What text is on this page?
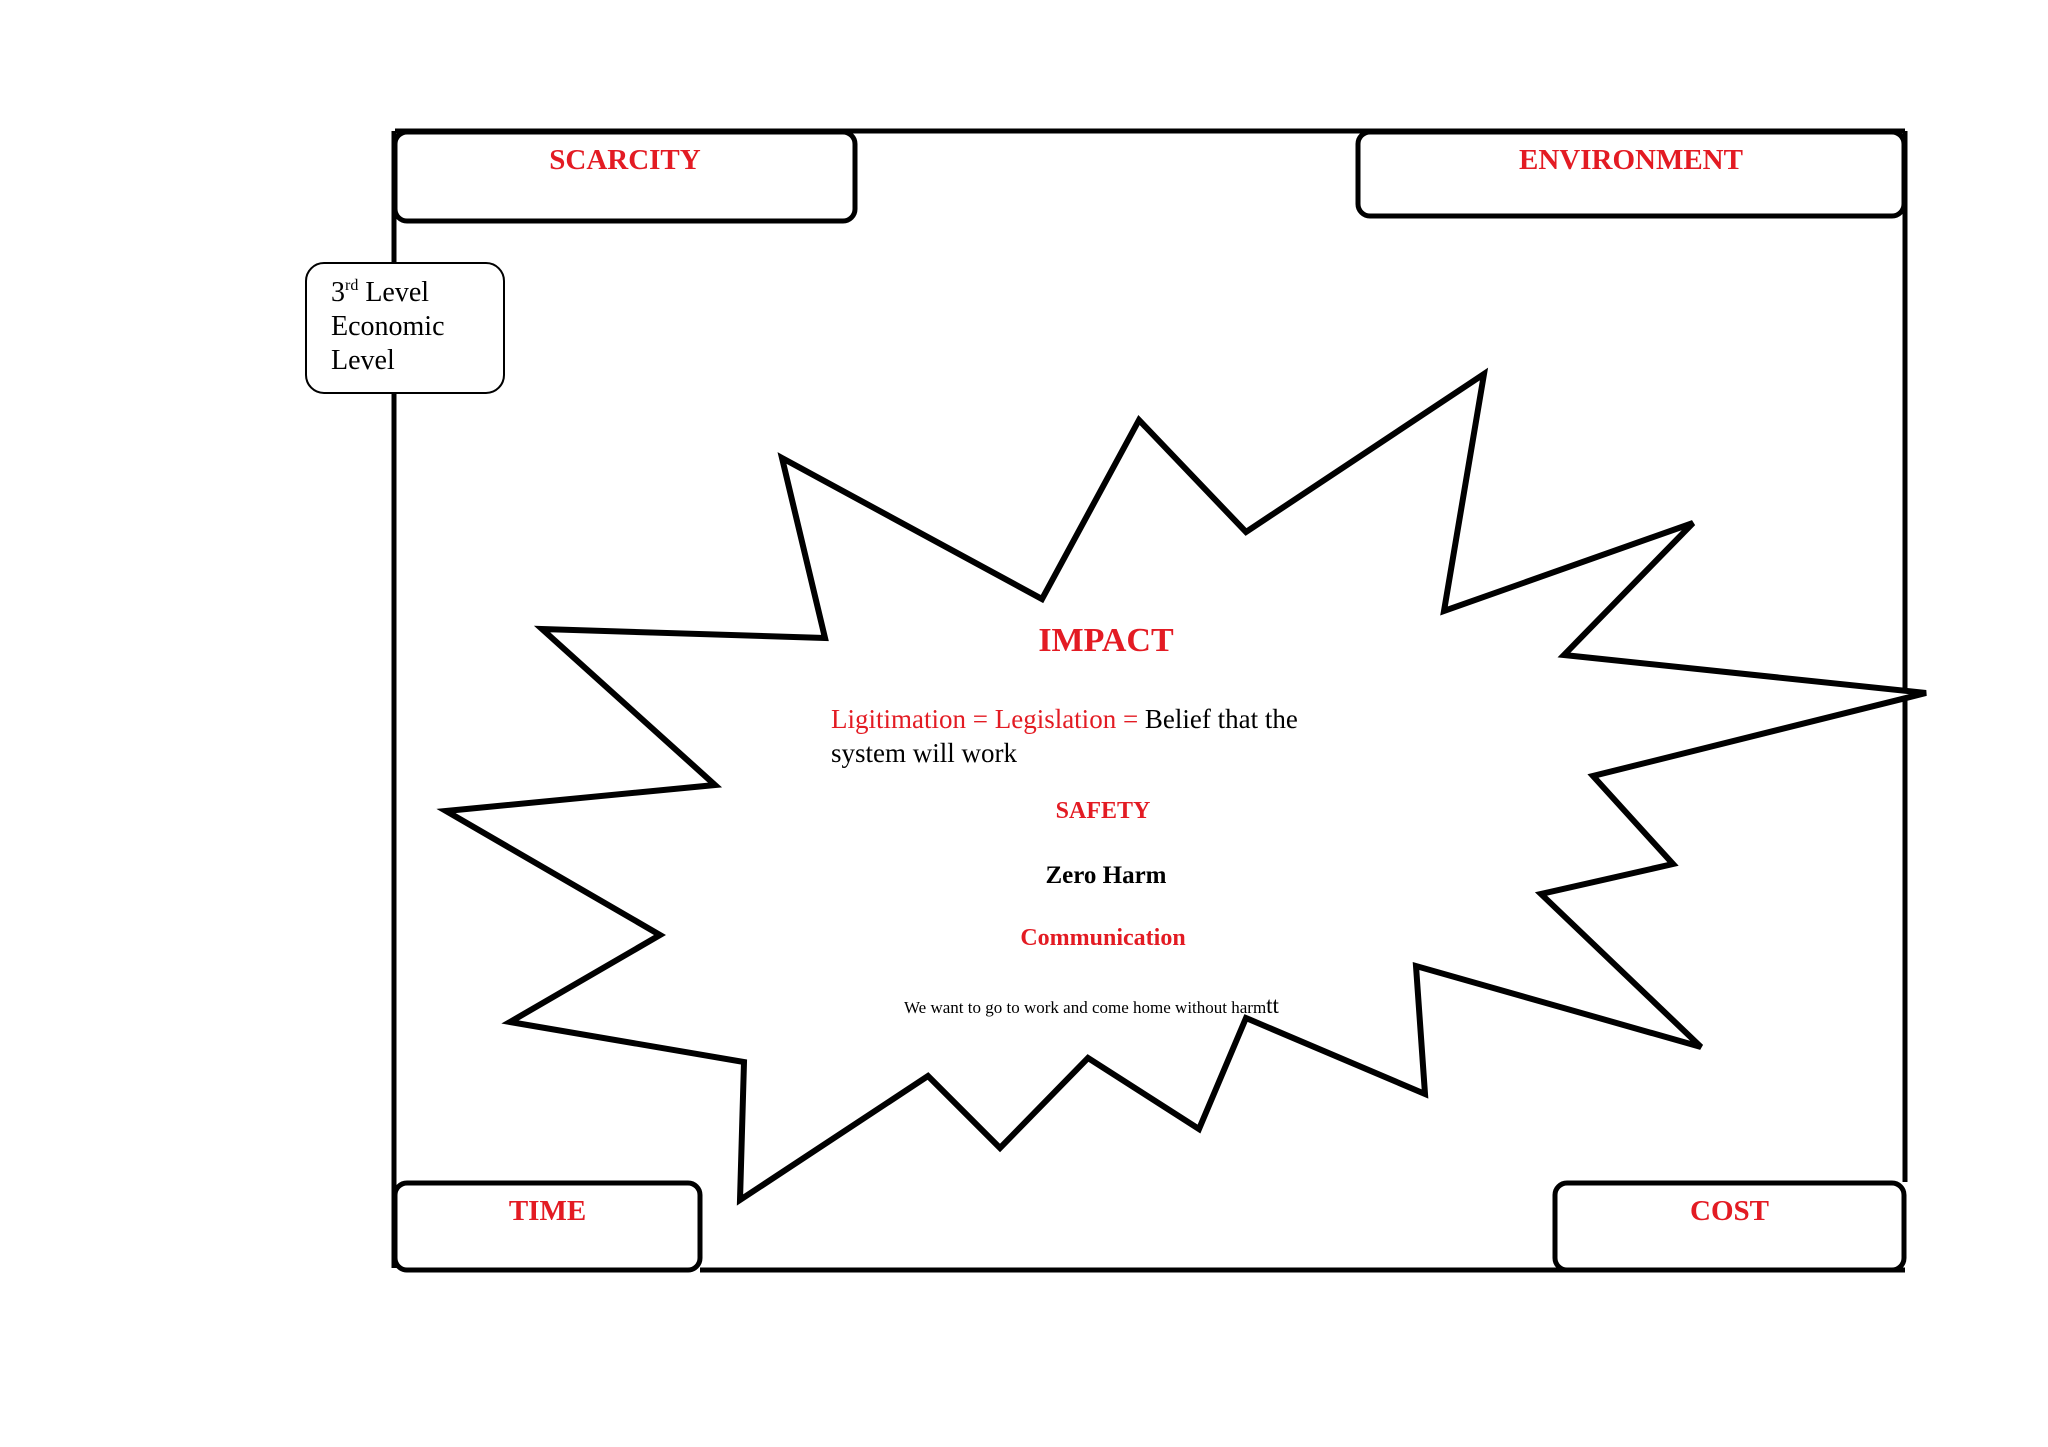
SCARCITY	ENVIRONMENT
TIME	COST
3rd Level
Economic
Level
IMPACT
Ligitimation = Legislation = Belief that the
system will work
SAFETY
Zero Harm
Communication
We want to go to work and come home without harmtt
